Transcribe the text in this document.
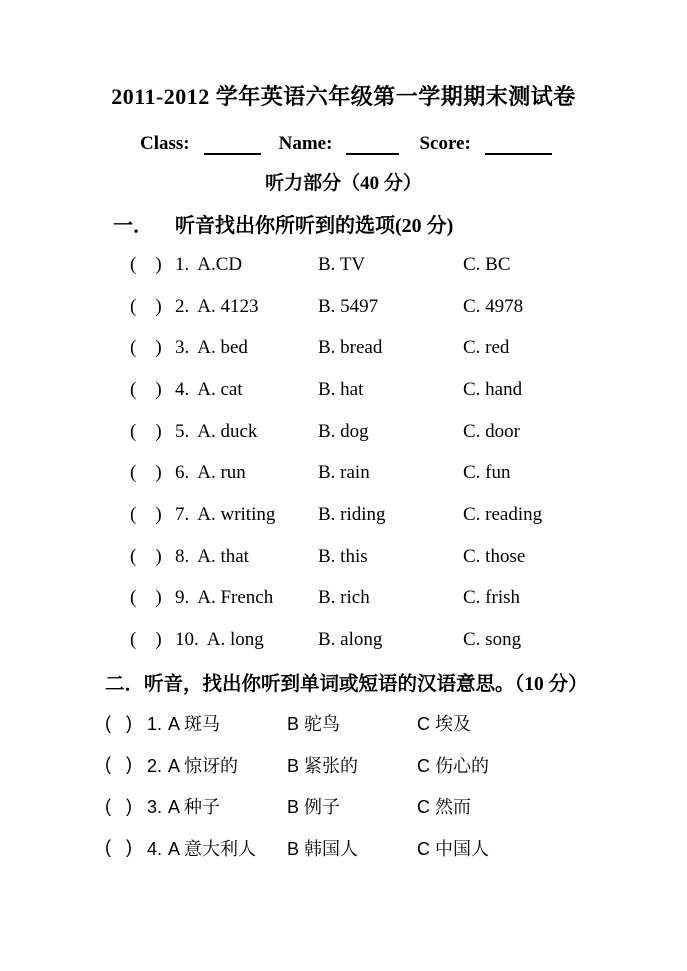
2011-2012 学年英语六年级第一学期期末测试卷
Class:	Name:	Score:
听力部分（40 分）
一． 听音找出你所听到的选项(20 分)
(    ) 1. A.CD	B. TV	C. BC
(    ) 2. A. 4123	B. 5497	C. 4978
(    ) 3. A. bed	B. bread	C. red
(    ) 4. A. cat	B. hat	C. hand
(    ) 5. A. duck	B. dog	C. door
(    ) 6. A. run	B. rain	C. fun
(    ) 7. A. writing	B. riding	C. reading
(    ) 8. A. that	B. this	C. those
(    ) 9. A. French	B. rich	C. frish
(    ) 10. A. long	B. along	C. song
二．听音，找出你听到单词或短语的汉语意思。（10 分）
(   ) 1. A 斑马	B 驼鸟	C 埃及
(   ) 2. A 惊讶的	B 紧张的	C 伤心的
(   ) 3. A 种子	B 例子	C 然而
(   ) 4. A 意大利人	B 韩国人	C 中国人
